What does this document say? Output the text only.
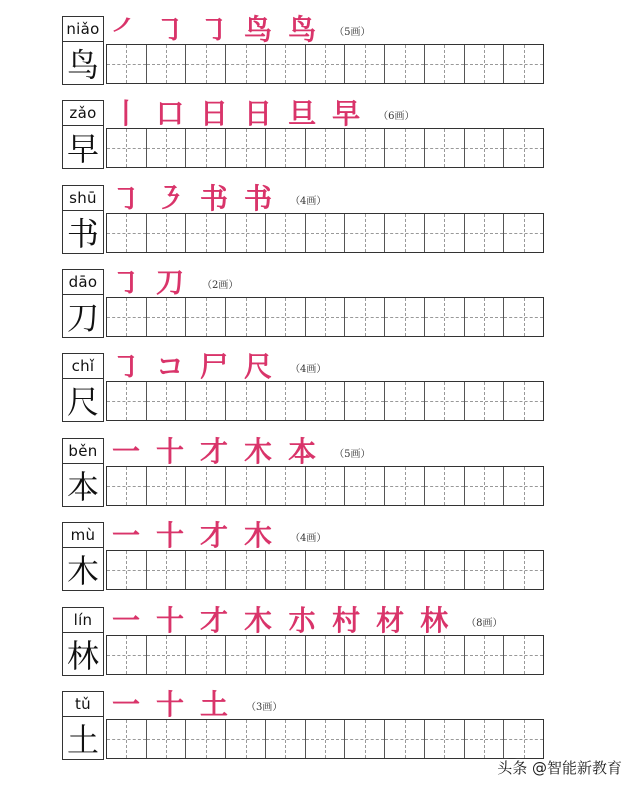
niǎo
鸟
㇒ ㇆ ㇆ 鸟 鸟 （5画）
zǎo
早
丨 口 日 日 旦 早 （6画）
shū
书
㇆ ㇋ 书 书 （4画）
dāo
刀
㇆ 刀 （2画）
chǐ
尺
㇆ コ 尸 尺 （4画）
běn
本
一 十 才 木 本 （5画）
mù
木
一 十 才 木 （4画）
lín
林
一 十 才 木 朩 村 材 林 （8画）
tǔ
土
一 十 土 （3画）
头条 @智能新教育
